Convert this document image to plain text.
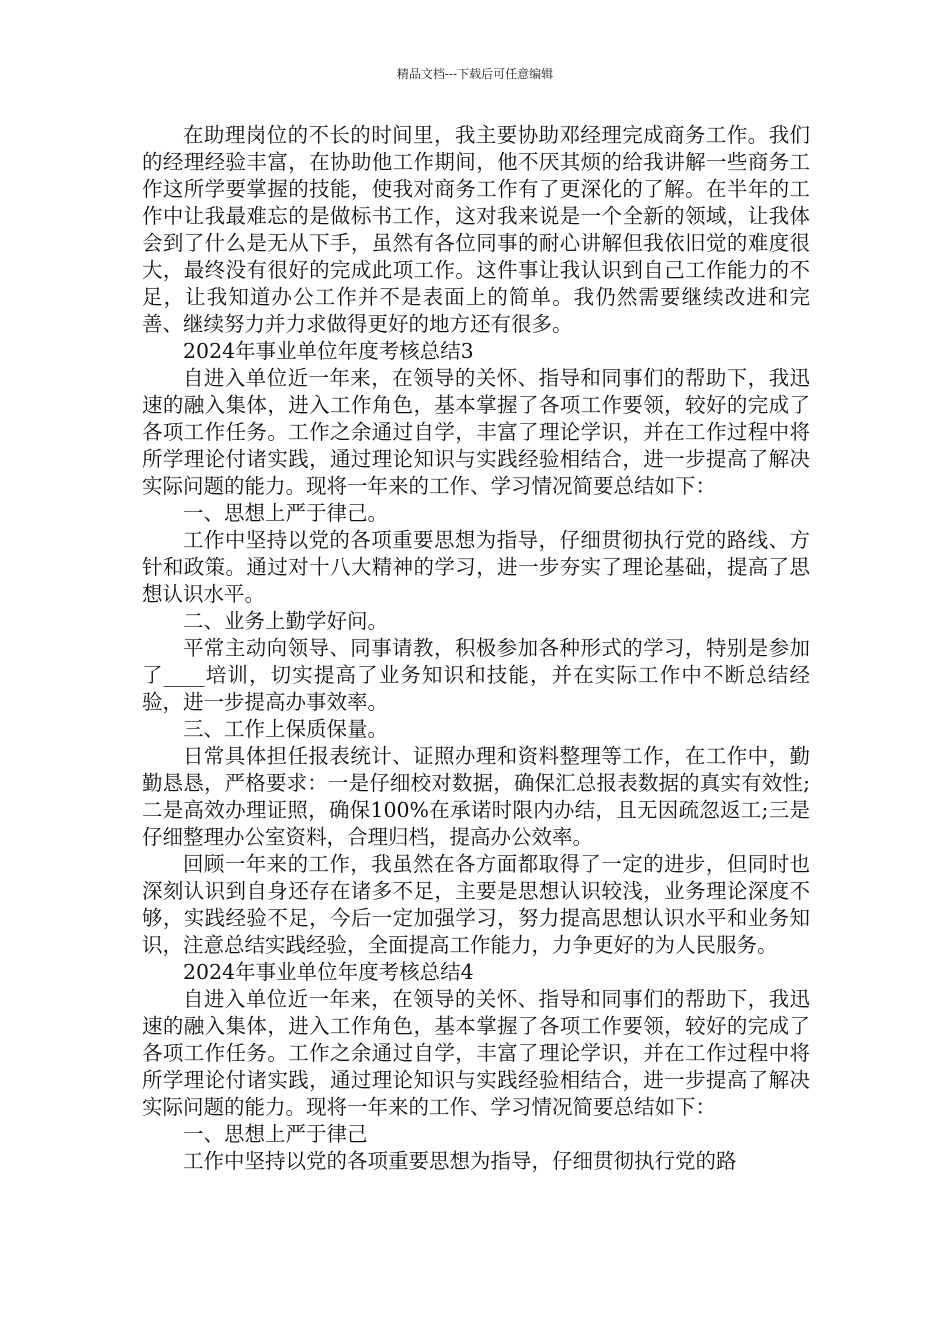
精品文档---下载后可任意编辑

在助理岗位的不长的时间里，我主要协助邓经理完成商务工作。我们的经理经验丰富，在协助他工作期间，他不厌其烦的给我讲解一些商务工作这所学要掌握的技能，使我对商务工作有了更深化的了解。在半年的工作中让我最难忘的是做标书工作，这对我来说是一个全新的领域，让我体会到了什么是无从下手，虽然有各位同事的耐心讲解但我依旧觉的难度很大，最终没有很好的完成此项工作。这件事让我认识到自己工作能力的不足，让我知道办公工作并不是表面上的简单。我仍然需要继续改进和完善、继续努力并力求做得更好的地方还有很多。

2024年事业单位年度考核总结3

自进入单位近一年来，在领导的关怀、指导和同事们的帮助下，我迅速的融入集体，进入工作角色，基本掌握了各项工作要领，较好的完成了各项工作任务。工作之余通过自学，丰富了理论学识，并在工作过程中将所学理论付诸实践，通过理论知识与实践经验相结合，进一步提高了解决实际问题的能力。现将一年来的工作、学习情况简要总结如下：

一、思想上严于律己。

工作中坚持以党的各项重要思想为指导，仔细贯彻执行党的路线、方针和政策。通过对十八大精神的学习，进一步夯实了理论基础，提高了思想认识水平。

二、业务上勤学好问。

平常主动向领导、同事请教，积极参加各种形式的学习，特别是参加了____培训，切实提高了业务知识和技能，并在实际工作中不断总结经验，进一步提高办事效率。

三、工作上保质保量。

日常具体担任报表统计、证照办理和资料整理等工作，在工作中，勤勤恳恳，严格要求：一是仔细校对数据，确保汇总报表数据的真实有效性;二是高效办理证照，确保100%在承诺时限内办结，且无因疏忽返工;三是仔细整理办公室资料，合理归档，提高办公效率。

回顾一年来的工作，我虽然在各方面都取得了一定的进步，但同时也深刻认识到自身还存在诸多不足，主要是思想认识较浅，业务理论深度不够，实践经验不足，今后一定加强学习，努力提高思想认识水平和业务知识，注意总结实践经验，全面提高工作能力，力争更好的为人民服务。

2024年事业单位年度考核总结4

自进入单位近一年来，在领导的关怀、指导和同事们的帮助下，我迅速的融入集体，进入工作角色，基本掌握了各项工作要领，较好的完成了各项工作任务。工作之余通过自学，丰富了理论学识，并在工作过程中将所学理论付诸实践，通过理论知识与实践经验相结合，进一步提高了解决实际问题的能力。现将一年来的工作、学习情况简要总结如下：

一、思想上严于律己

工作中坚持以党的各项重要思想为指导，仔细贯彻执行党的路
